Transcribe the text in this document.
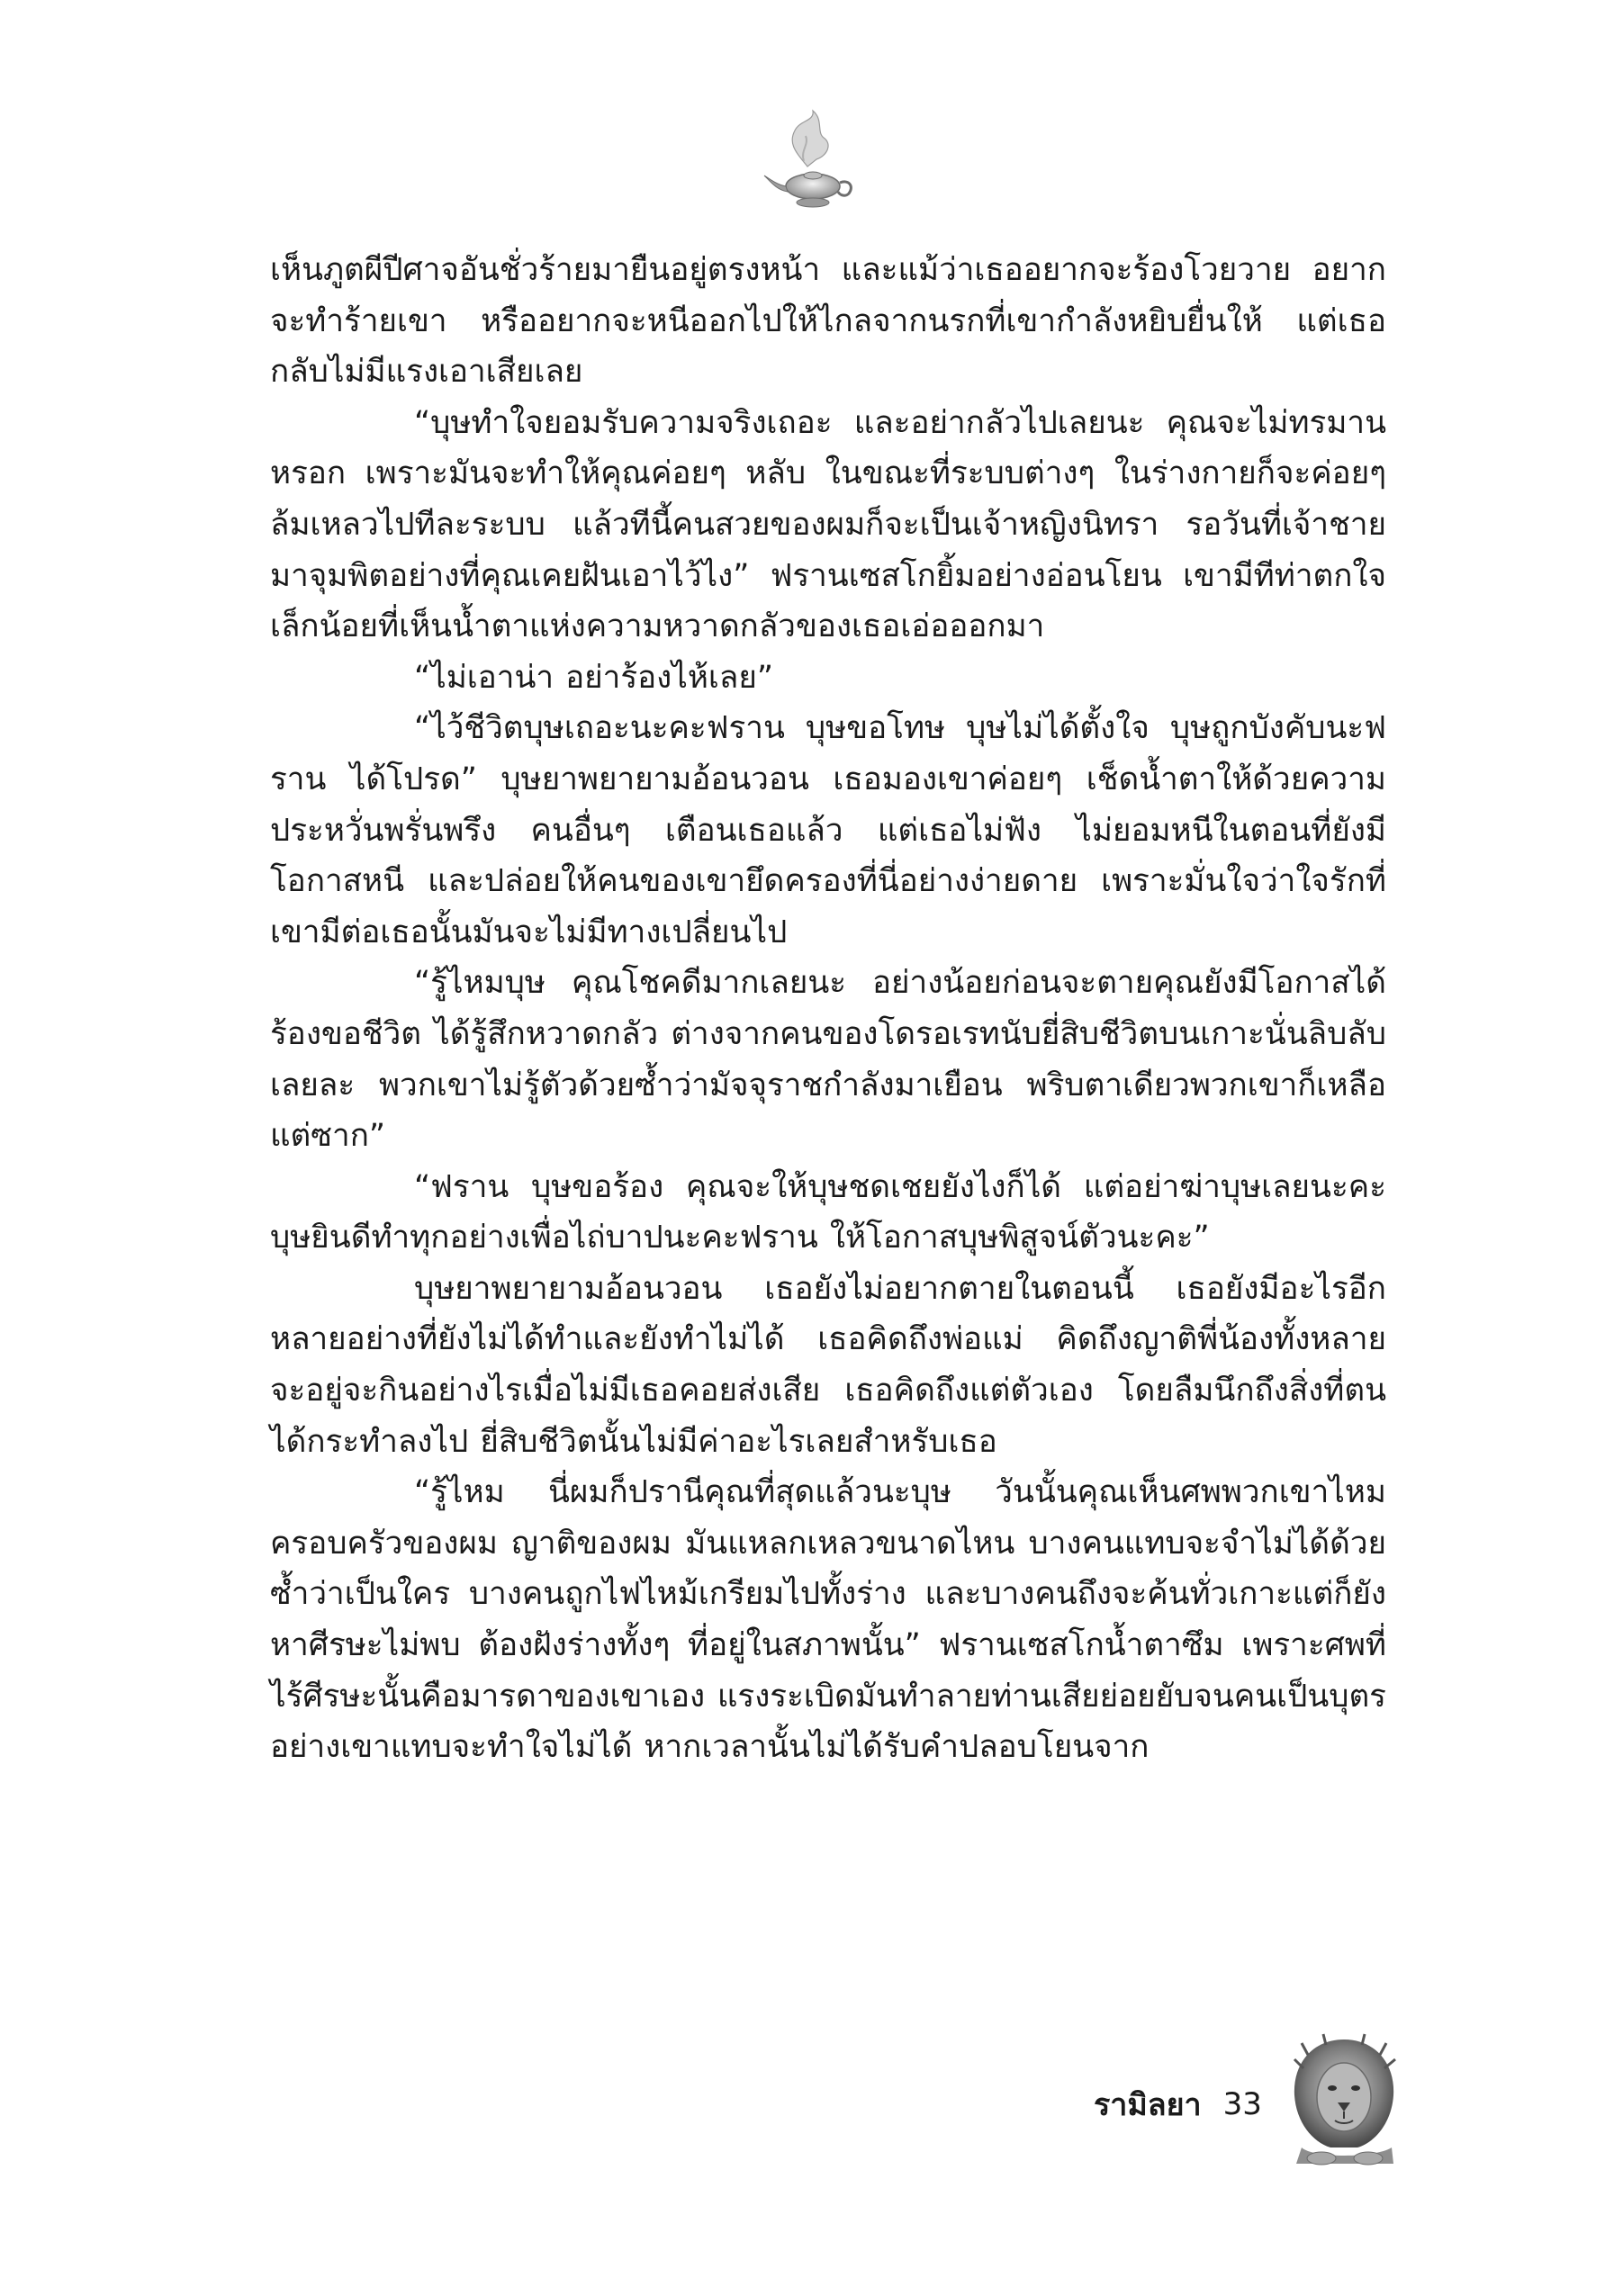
เห็นภูตผีปีศาจอันชั่วร้ายมายืนอยู่ตรงหน้า และแม้ว่าเธออยากจะร้องโวยวาย อยากจะทำร้ายเขา หรืออยากจะหนีออกไปให้ไกลจากนรกที่เขากำลังหยิบยื่นให้ แต่เธอกลับไม่มีแรงเอาเสียเลย

“บุษทำใจยอมรับความจริงเถอะ และอย่ากลัวไปเลยนะ คุณจะไม่ทรมานหรอก เพราะมันจะทำให้คุณค่อยๆ หลับ ในขณะที่ระบบต่างๆ ในร่างกายก็จะค่อยๆ ล้มเหลวไปทีละระบบ แล้วทีนี้คนสวยของผมก็จะเป็นเจ้าหญิงนิทรา รอวันที่เจ้าชายมาจุมพิตอย่างที่คุณเคยฝันเอาไว้ไง” ฟรานเซสโกยิ้มอย่างอ่อนโยน เขามีทีท่าตกใจเล็กน้อยที่เห็นน้ำตาแห่งความหวาดกลัวของเธอเอ่อออกมา

“ไม่เอาน่า อย่าร้องไห้เลย”

“ไว้ชีวิตบุษเถอะนะคะฟราน บุษขอโทษ บุษไม่ได้ตั้งใจ บุษถูกบังคับนะฟราน ได้โปรด” บุษยาพยายามอ้อนวอน เธอมองเขาค่อยๆ เช็ดน้ำตาให้ด้วยความประหวั่นพรั่นพรึง คนอื่นๆ เตือนเธอแล้ว แต่เธอไม่ฟัง ไม่ยอมหนีในตอนที่ยังมีโอกาสหนี และปล่อยให้คนของเขายึดครองที่นี่อย่างง่ายดาย เพราะมั่นใจว่าใจรักที่เขามีต่อเธอนั้นมันจะไม่มีทางเปลี่ยนไป

“รู้ไหมบุษ คุณโชคดีมากเลยนะ อย่างน้อยก่อนจะตายคุณยังมีโอกาสได้ร้องขอชีวิต ได้รู้สึกหวาดกลัว ต่างจากคนของโดรอเรทนับยี่สิบชีวิตบนเกาะนั่นลิบลับเลยละ พวกเขาไม่รู้ตัวด้วยซ้ำว่ามัจจุราชกำลังมาเยือน พริบตาเดียวพวกเขาก็เหลือแต่ซาก”

“ฟราน บุษขอร้อง คุณจะให้บุษชดเชยยังไงก็ได้ แต่อย่าฆ่าบุษเลยนะคะ บุษยินดีทำทุกอย่างเพื่อไถ่บาปนะคะฟราน ให้โอกาสบุษพิสูจน์ตัวนะคะ”

บุษยาพยายามอ้อนวอน เธอยังไม่อยากตายในตอนนี้ เธอยังมีอะไรอีกหลายอย่างที่ยังไม่ได้ทำและยังทำไม่ได้ เธอคิดถึงพ่อแม่ คิดถึงญาติพี่น้องทั้งหลาย จะอยู่จะกินอย่างไรเมื่อไม่มีเธอคอยส่งเสีย เธอคิดถึงแต่ตัวเอง โดยลืมนึกถึงสิ่งที่ตนได้กระทำลงไป ยี่สิบชีวิตนั้นไม่มีค่าอะไรเลยสำหรับเธอ

“รู้ไหม นี่ผมก็ปรานีคุณที่สุดแล้วนะบุษ วันนั้นคุณเห็นศพพวกเขาไหมครอบครัวของผม ญาติของผม มันแหลกเหลวขนาดไหน บางคนแทบจะจำไม่ได้ด้วยซ้ำว่าเป็นใคร บางคนถูกไฟไหม้เกรียมไปทั้งร่าง และบางคนถึงจะค้นทั่วเกาะแต่ก็ยังหาศีรษะไม่พบ ต้องฝังร่างทั้งๆ ที่อยู่ในสภาพนั้น” ฟรานเซสโกน้ำตาซึม เพราะศพที่ไร้ศีรษะนั้นคือมารดาของเขาเอง แรงระเบิดมันทำลายท่านเสียย่อยยับจนคนเป็นบุตรอย่างเขาแทบจะทำใจไม่ได้ หากเวลานั้นไม่ได้รับคำปลอบโยนจาก

รามิลยา 33
